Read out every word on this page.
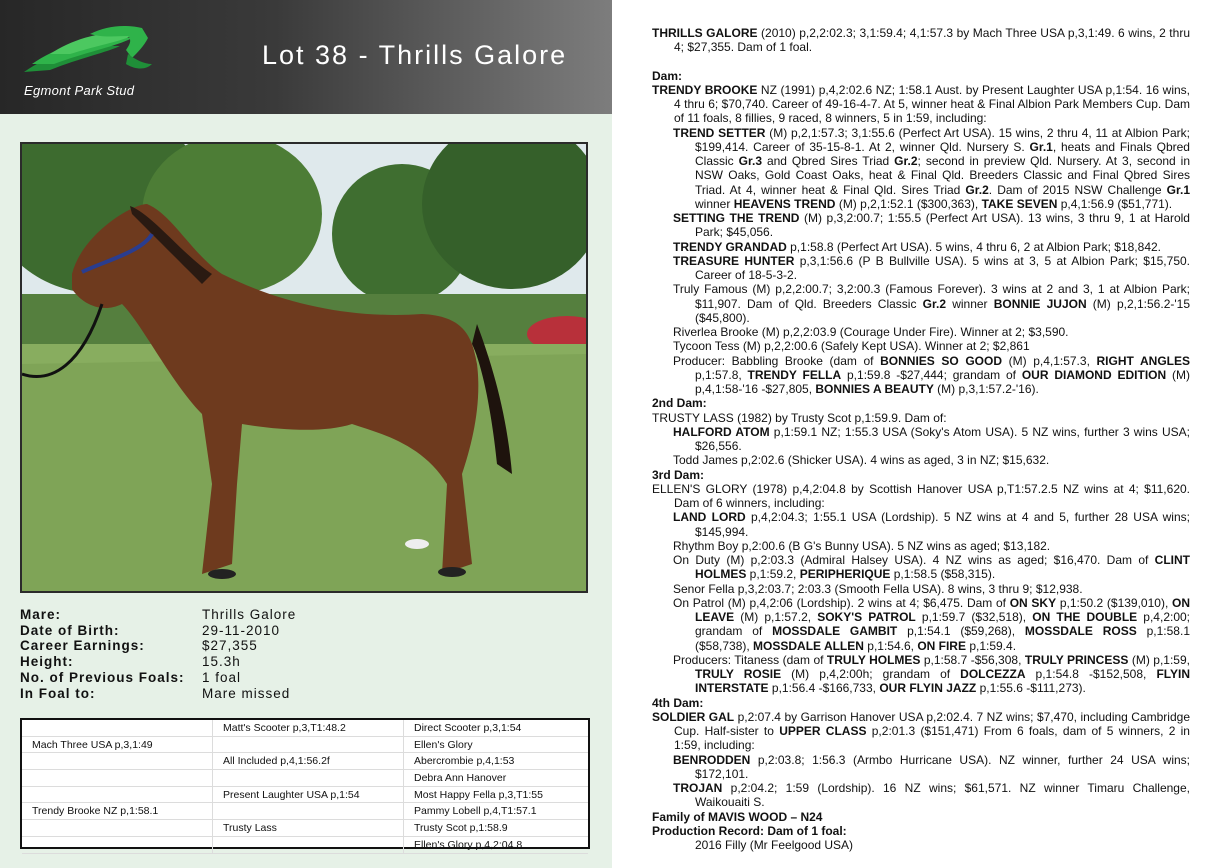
Egmont Park Stud
Lot 38 - Thrills Galore
Mare:	Thrills Galore
Date of Birth:	29-11-2010
Career Earnings:	$27,355
Height:	15.3h
No. of Previous Foals:	1 foal
In Foal to:	Mare missed
	Matt's Scooter p,3,T1:48.2	Direct Scooter p,3,1:54
Mach Three USA p,3,1:49		Ellen's Glory
	All Included p,4,1:56.2f	Abercrombie p,4,1:53
		Debra Ann Hanover
	Present Laughter USA p,1:54	Most Happy Fella p,3,T1:55
Trendy Brooke NZ p,1:58.1		Pammy Lobell p,4,T1:57.1
	Trusty Lass	Trusty Scot p,1:58.9
		Ellen's Glory p,4,2:04.8

THRILLS GALORE (2010) p,2,2:02.3; 3,1:59.4; 4,1:57.3 by Mach Three USA p,3,1:49. 6 wins, 2 thru 4; $27,355. Dam of 1 foal.

Dam:

TRENDY BROOKE NZ (1991) p,4,2:02.6 NZ; 1:58.1 Aust. by Present Laughter USA p,1:54. 16 wins, 4 thru 6; $70,740. Career of 49-16-4-7. At 5, winner heat & Final Albion Park Members Cup. Dam of 11 foals, 8 fillies, 9 raced, 8 winners, 5 in 1:59, including:

TREND SETTER (M) p,2,1:57.3; 3,1:55.6 (Perfect Art USA). 15 wins, 2 thru 4, 11 at Albion Park; $199,414. Career of 35-15-8-1. At 2, winner Qld. Nursery S. Gr.1, heats and Finals Qbred Classic Gr.3 and Qbred Sires Triad Gr.2; second in preview Qld. Nursery. At 3, second in NSW Oaks, Gold Coast Oaks, heat & Final Qld. Breeders Classic and Final Qbred Sires Triad. At 4, winner heat & Final Qld. Sires Triad Gr.2. Dam of 2015 NSW Challenge Gr.1 winner HEAVENS TREND (M) p,2,1:52.1 ($300,363), TAKE SEVEN p,4,1:56.9 ($51,771).

SETTING THE TREND (M) p,3,2:00.7; 1:55.5 (Perfect Art USA). 13 wins, 3 thru 9, 1 at Harold Park; $45,056.

TRENDY GRANDAD p,1:58.8 (Perfect Art USA). 5 wins, 4 thru 6, 2 at Albion Park; $18,842.

TREASURE HUNTER p,3,1:56.6 (P B Bullville USA). 5 wins at 3, 5 at Albion Park; $15,750. Career of 18-5-3-2.

Truly Famous (M) p,2,2:00.7; 3,2:00.3 (Famous Forever). 3 wins at 2 and 3, 1 at Albion Park; $11,907. Dam of Qld. Breeders Classic Gr.2 winner BONNIE JUJON (M) p,2,1:56.2-'15 ($45,800).

Riverlea Brooke (M) p,2,2:03.9 (Courage Under Fire). Winner at 2; $3,590.

Tycoon Tess (M) p,2,2:00.6 (Safely Kept USA). Winner at 2; $2,861

Producer: Babbling Brooke (dam of BONNIES SO GOOD (M) p,4,1:57.3, RIGHT ANGLES p,1:57.8, TRENDY FELLA p,1:59.8 -$27,444; grandam of OUR DIAMOND EDITION (M) p,4,1:58-'16 -$27,805, BONNIES A BEAUTY (M) p,3,1:57.2-'16).

2nd Dam:

TRUSTY LASS (1982) by Trusty Scot p,1:59.9. Dam of:

HALFORD ATOM p,1:59.1 NZ; 1:55.3 USA (Soky's Atom USA). 5 NZ wins, further 3 wins USA; $26,556.

Todd James p,2:02.6 (Shicker USA). 4 wins as aged, 3 in NZ; $15,632.

3rd Dam:

ELLEN'S GLORY (1978) p,4,2:04.8 by Scottish Hanover USA p,T1:57.2.5 NZ wins at 4; $11,620. Dam of 6 winners, including:

LAND LORD p,4,2:04.3; 1:55.1 USA (Lordship). 5 NZ wins at 4 and 5, further 28 USA wins; $145,994.

Rhythm Boy p,2:00.6 (B G's Bunny USA). 5 NZ wins as aged; $13,182.

On Duty (M) p,2:03.3 (Admiral Halsey USA). 4 NZ wins as aged; $16,470. Dam of CLINT HOLMES p,1:59.2, PERIPHERIQUE p,1:58.5 ($58,315).

Senor Fella p,3,2:03.7; 2:03.3 (Smooth Fella USA). 8 wins, 3 thru 9; $12,938.

On Patrol (M) p,4,2:06 (Lordship). 2 wins at 4; $6,475. Dam of ON SKY p,1:50.2 ($139,010), ON LEAVE (M) p,1:57.2, SOKY'S PATROL p,1:59.7 ($32,518), ON THE DOUBLE p,4,2:00; grandam of MOSSDALE GAMBIT p,1:54.1 ($59,268), MOSSDALE ROSS p,1:58.1 ($58,738), MOSSDALE ALLEN p,1:54.6, ON FIRE p,1:59.4.

Producers: Titaness (dam of TRULY HOLMES p,1:58.7 -$56,308, TRULY PRINCESS (M) p,1:59, TRULY ROSIE (M) p,4,2:00h; grandam of DOLCEZZA p,1:54.8 -$152,508, FLYIN INTERSTATE p,1:56.4 -$166,733, OUR FLYIN JAZZ p,1:55.6 -$111,273).

4th Dam:

SOLDIER GAL p,2:07.4 by Garrison Hanover USA p,2:02.4. 7 NZ wins; $7,470, including Cambridge Cup. Half-sister to UPPER CLASS p,2:01.3 ($151,471) From 6 foals, dam of 5 winners, 2 in 1:59, including:

BENRODDEN p,2:03.8; 1:56.3 (Armbo Hurricane USA). NZ winner, further 24 USA wins; $172,101.

TROJAN p,2:04.2; 1:59 (Lordship). 16 NZ wins; $61,571. NZ winner Timaru Challenge, Waikouaiti S.

Family of MAVIS WOOD – N24

Production Record: Dam of 1 foal:

2016 Filly (Mr Feelgood USA)
